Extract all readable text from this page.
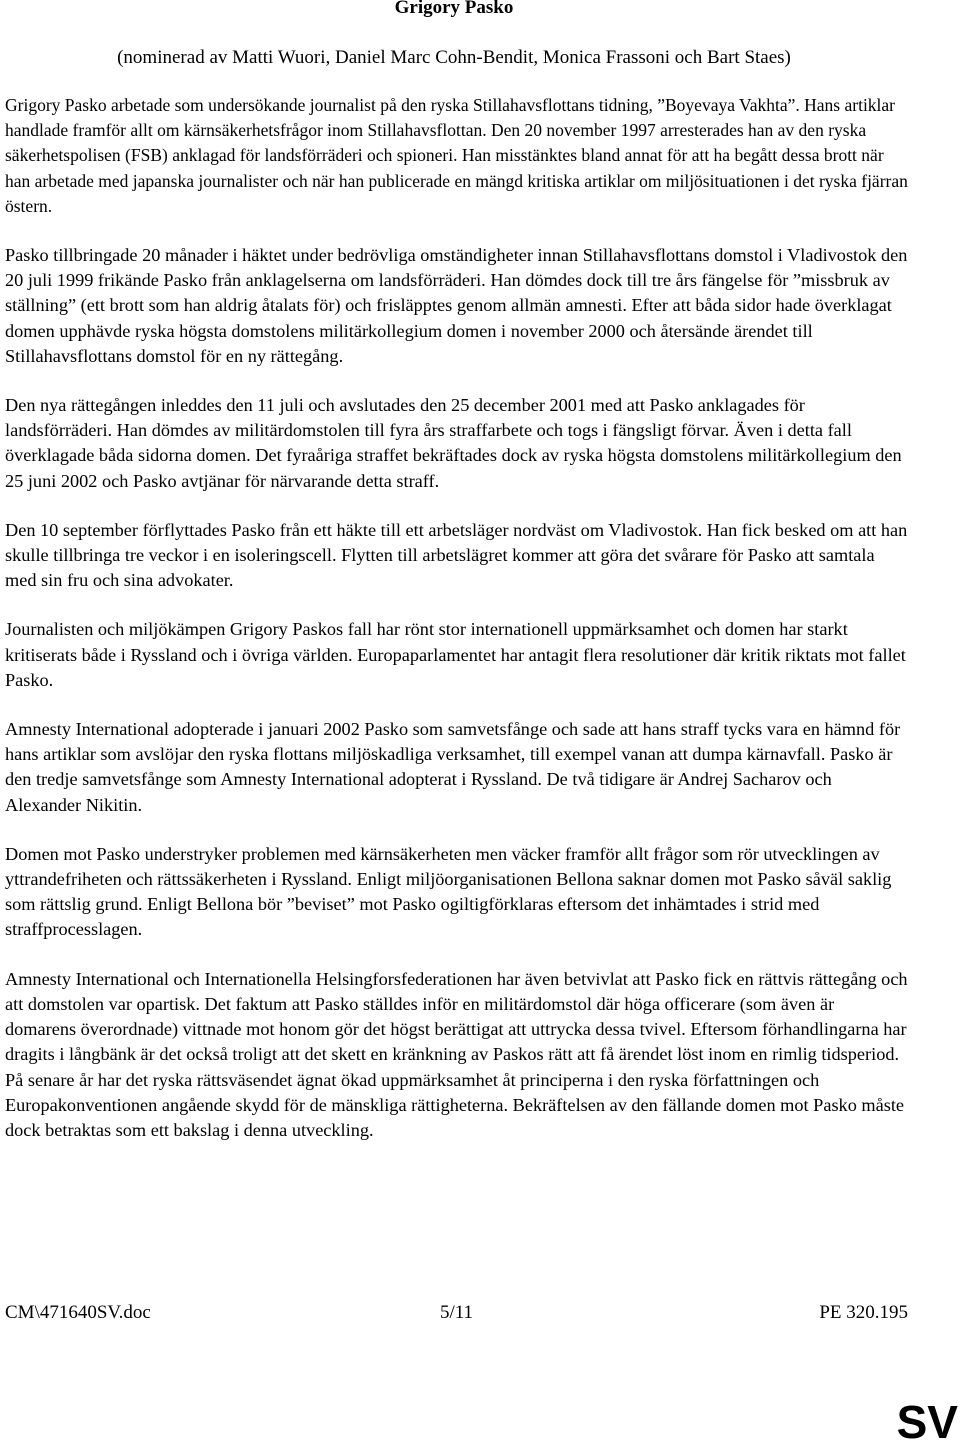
Grigory Pasko
(nominerad av Matti Wuori, Daniel Marc Cohn-Bendit, Monica Frassoni och Bart Staes)

Grigory Pasko arbetade som undersökande journalist på den ryska Stillahavsflottans tidning, ”Boyevaya Vakhta”. Hans artiklar handlade framför allt om kärnsäkerhetsfrågor inom Stillahavsflottan. Den 20 november 1997 arresterades han av den ryska säkerhetspolisen (FSB) anklagad för landsförräderi och spioneri. Han misstänktes bland annat för att ha begått dessa brott när han arbetade med japanska journalister och när han publicerade en mängd kritiska artiklar om miljösituationen i det ryska fjärran östern.

Pasko tillbringade 20 månader i häktet under bedrövliga omständigheter innan Stillahavsflottans domstol i Vladivostok den 20 juli 1999 frikände Pasko från anklagelserna om landsförräderi. Han dömdes dock till tre års fängelse för ”missbruk av ställning” (ett brott som han aldrig åtalats för) och frisläpptes genom allmän amnesti. Efter att båda sidor hade överklagat domen upphävde ryska högsta domstolens militärkollegium domen i november 2000 och återsände ärendet till Stillahavsflottans domstol för en ny rättegång.

Den nya rättegången inleddes den 11 juli och avslutades den 25 december 2001 med att Pasko anklagades för landsförräderi. Han dömdes av militärdomstolen till fyra års straffarbete och togs i fängsligt förvar. Även i detta fall överklagade båda sidorna domen. Det fyraåriga straffet bekräftades dock av ryska högsta domstolens militärkollegium den 25 juni 2002 och Pasko avtjänar för närvarande detta straff.

Den 10 september förflyttades Pasko från ett häkte till ett arbetsläger nordväst om Vladivostok. Han fick besked om att han skulle tillbringa tre veckor i en isoleringscell. Flytten till arbetslägret kommer att göra det svårare för Pasko att samtala med sin fru och sina advokater.

Journalisten och miljökämpen Grigory Paskos fall har rönt stor internationell uppmärksamhet och domen har starkt kritiserats både i Ryssland och i övriga världen. Europaparlamentet har antagit flera resolutioner där kritik riktats mot fallet Pasko.

Amnesty International adopterade i januari 2002 Pasko som samvetsfånge och sade att hans straff tycks vara en hämnd för hans artiklar som avslöjar den ryska flottans miljöskadliga verksamhet, till exempel vanan att dumpa kärnavfall. Pasko är den tredje samvetsfånge som Amnesty International adopterat i Ryssland. De två tidigare är Andrej Sacharov och Alexander Nikitin.

Domen mot Pasko understryker problemen med kärnsäkerheten men väcker framför allt frågor som rör utvecklingen av yttrandefriheten och rättssäkerheten i Ryssland. Enligt miljöorganisationen Bellona saknar domen mot Pasko såväl saklig som rättslig grund. Enligt Bellona bör ”beviset” mot Pasko ogiltigförklaras eftersom det inhämtades i strid med straffprocesslagen.

Amnesty International och Internationella Helsingforsfederationen har även betvivlat att Pasko fick en rättvis rättegång och att domstolen var opartisk. Det faktum att Pasko ställdes inför en militärdomstol där höga officerare (som även är domarens överordnade) vittnade mot honom gör det högst berättigat att uttrycka dessa tvivel. Eftersom förhandlingarna har dragits i långbänk är det också troligt att det skett en kränkning av Paskos rätt att få ärendet löst inom en rimlig tidsperiod. På senare år har det ryska rättsväsendet ägnat ökad uppmärksamhet åt principerna i den ryska författningen och Europakonventionen angående skydd för de mänskliga rättigheterna. Bekräftelsen av den fällande domen mot Pasko måste dock betraktas som ett bakslag i denna utveckling.

CM\471640SV.doc	5/11	PE 320.195
SV
